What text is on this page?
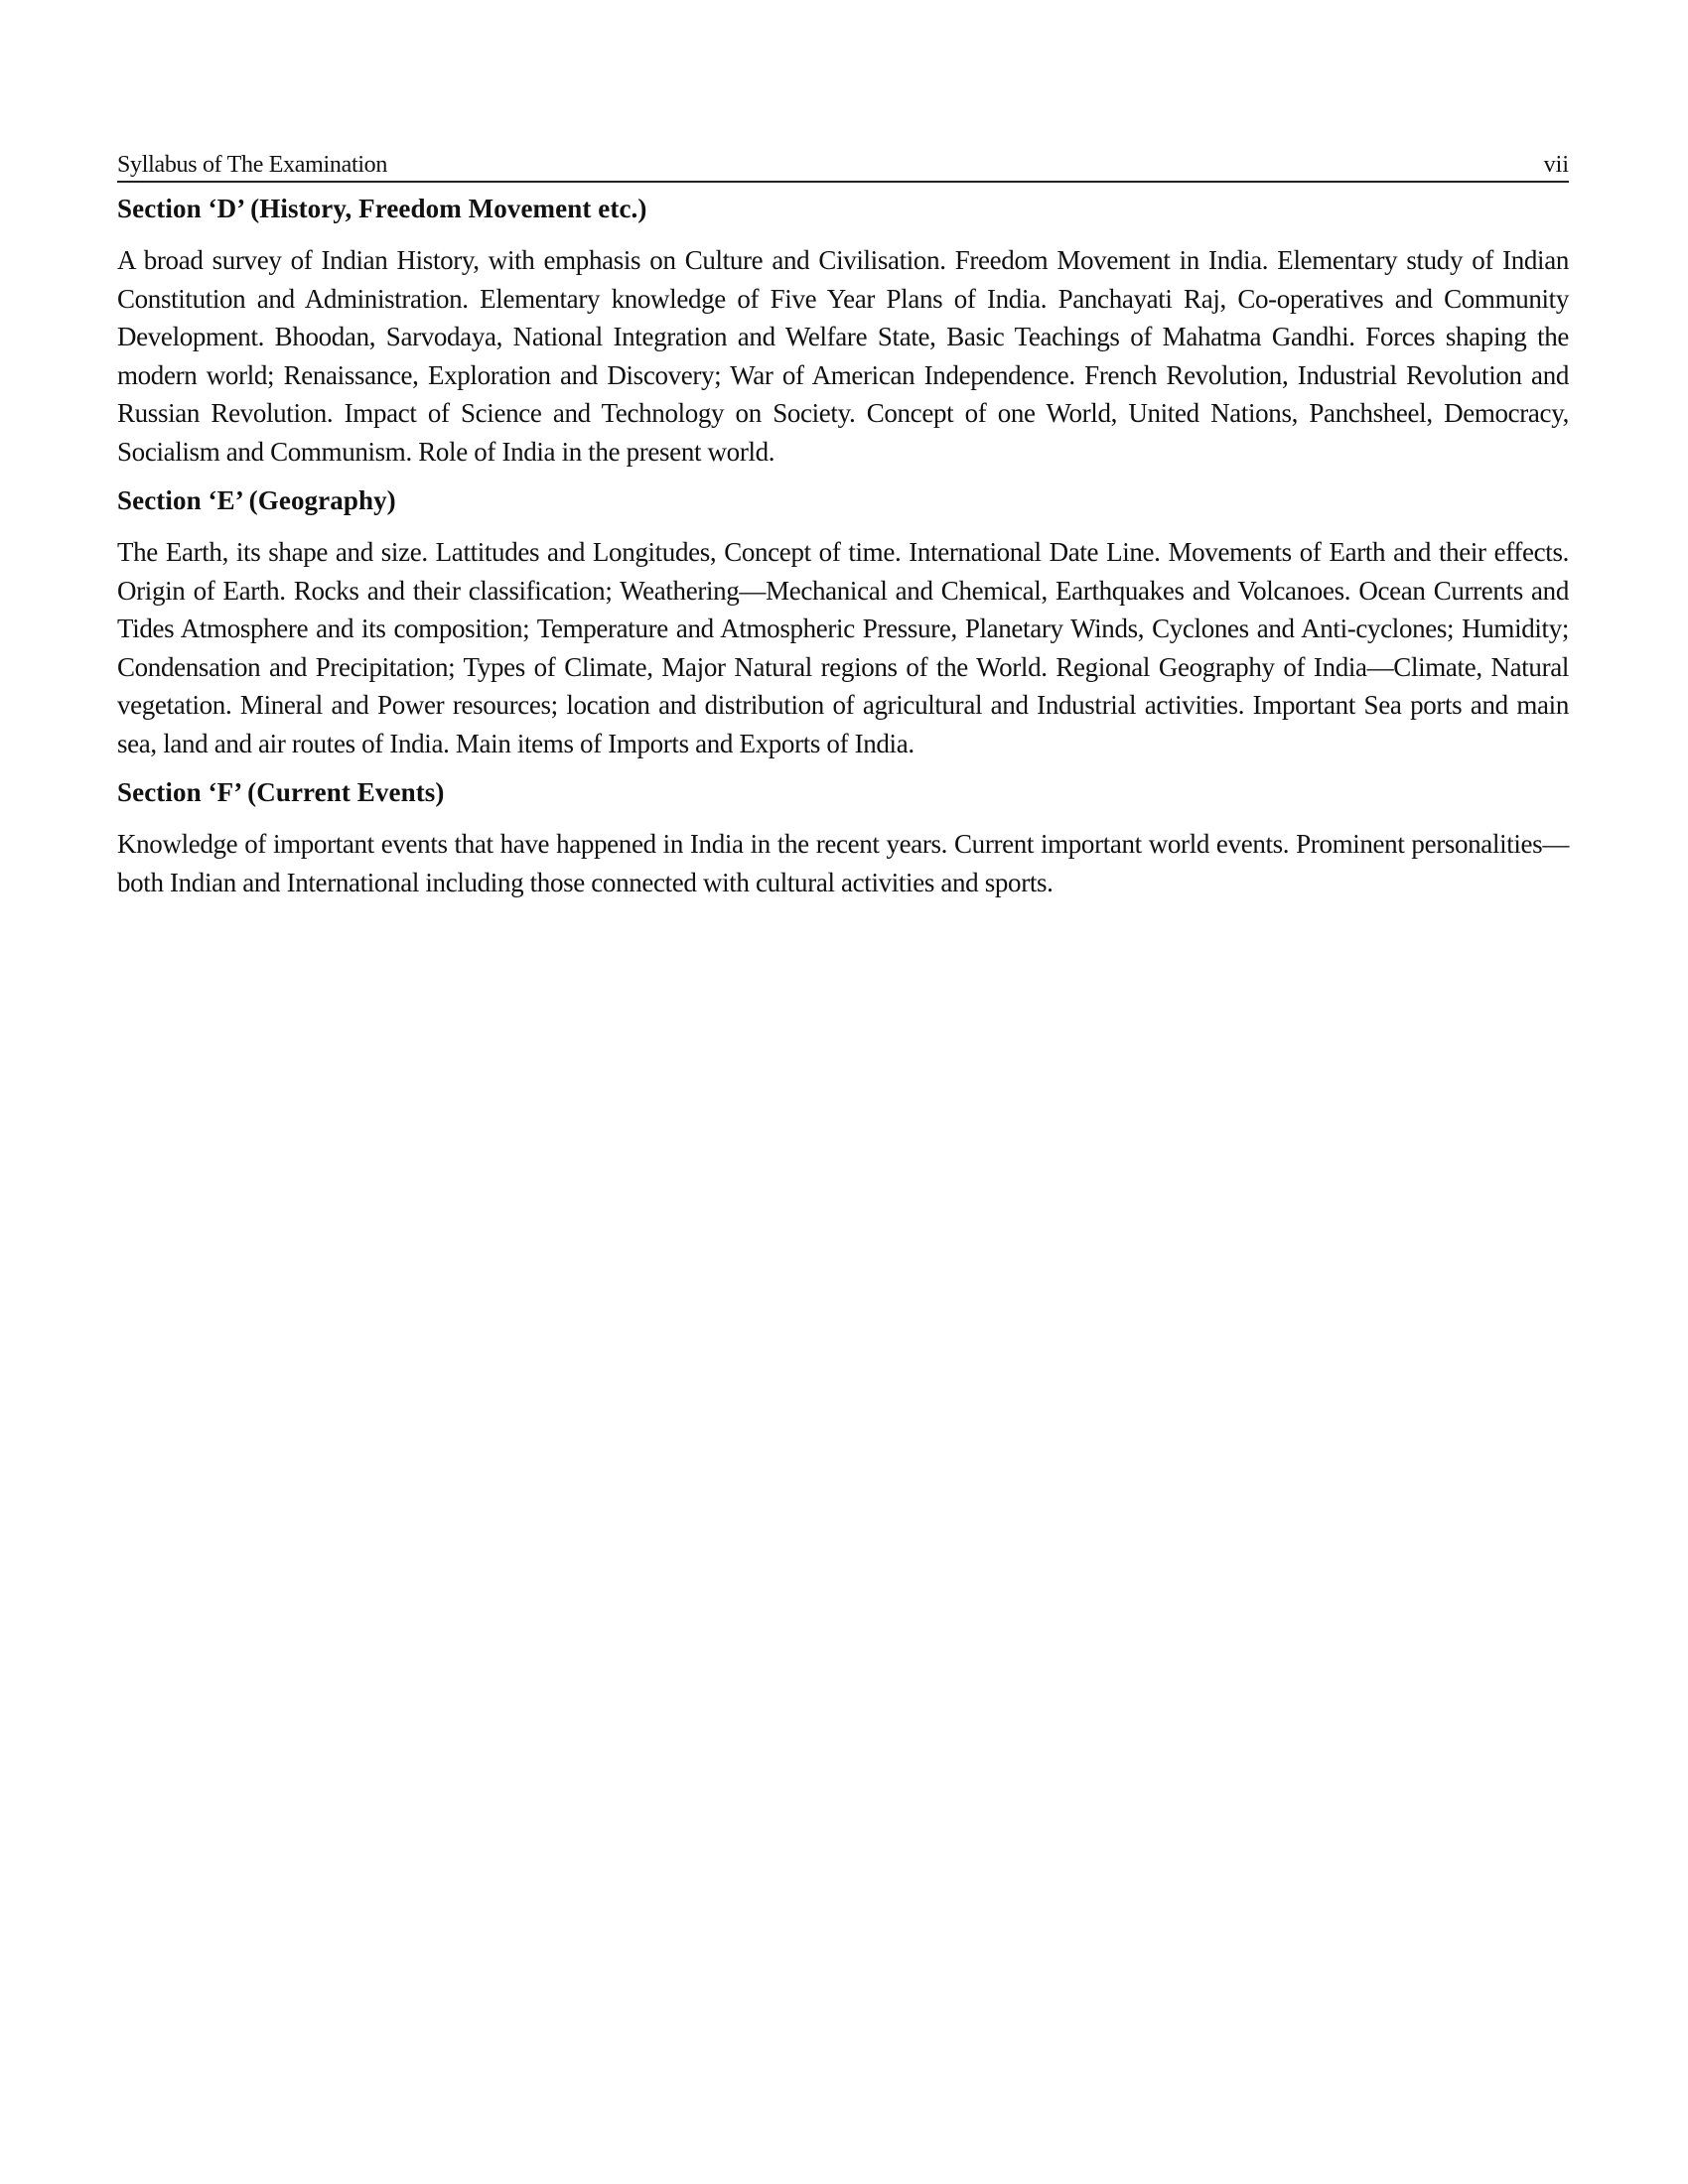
Syllabus of The Examination	vii
Section ‘D’ (History, Freedom Movement etc.)

A broad survey of Indian History, with emphasis on Culture and Civilisation. Freedom Movement in India. Elementary study of Indian Constitution and Administration. Elementary knowledge of Five Year Plans of India. Panchayati Raj, Co-operatives and Community Development. Bhoodan, Sarvodaya, National Integration and Welfare State, Basic Teachings of Mahatma Gandhi. Forces shaping the modern world; Renaissance, Exploration and Discovery; War of American Independence. French Revolution, Industrial Revolution and Russian Revolution. Impact of Science and Technology on Society. Concept of one World, United Nations, Panchsheel, Democracy, Socialism and Communism. Role of India in the present world.

Section ‘E’ (Geography)

The Earth, its shape and size. Lattitudes and Longitudes, Concept of time. International Date Line. Movements of Earth and their effects. Origin of Earth. Rocks and their classification; Weathering—Mechanical and Chemical, Earthquakes and Volcanoes. Ocean Currents and Tides Atmosphere and its composition; Temperature and Atmospheric Pressure, Planetary Winds, Cyclones and Anti-cyclones; Humidity; Condensation and Precipitation; Types of Climate, Major Natural regions of the World. Regional Geography of India—Climate, Natural vegetation. Mineral and Power resources; location and distribution of agricultural and Industrial activities. Important Sea ports and main sea, land and air routes of India. Main items of Imports and Exports of India.

Section ‘F’ (Current Events)

Knowledge of important events that have happened in India in the recent years. Current important world events. Prominent personalities—both Indian and International including those connected with cultural activities and sports.
